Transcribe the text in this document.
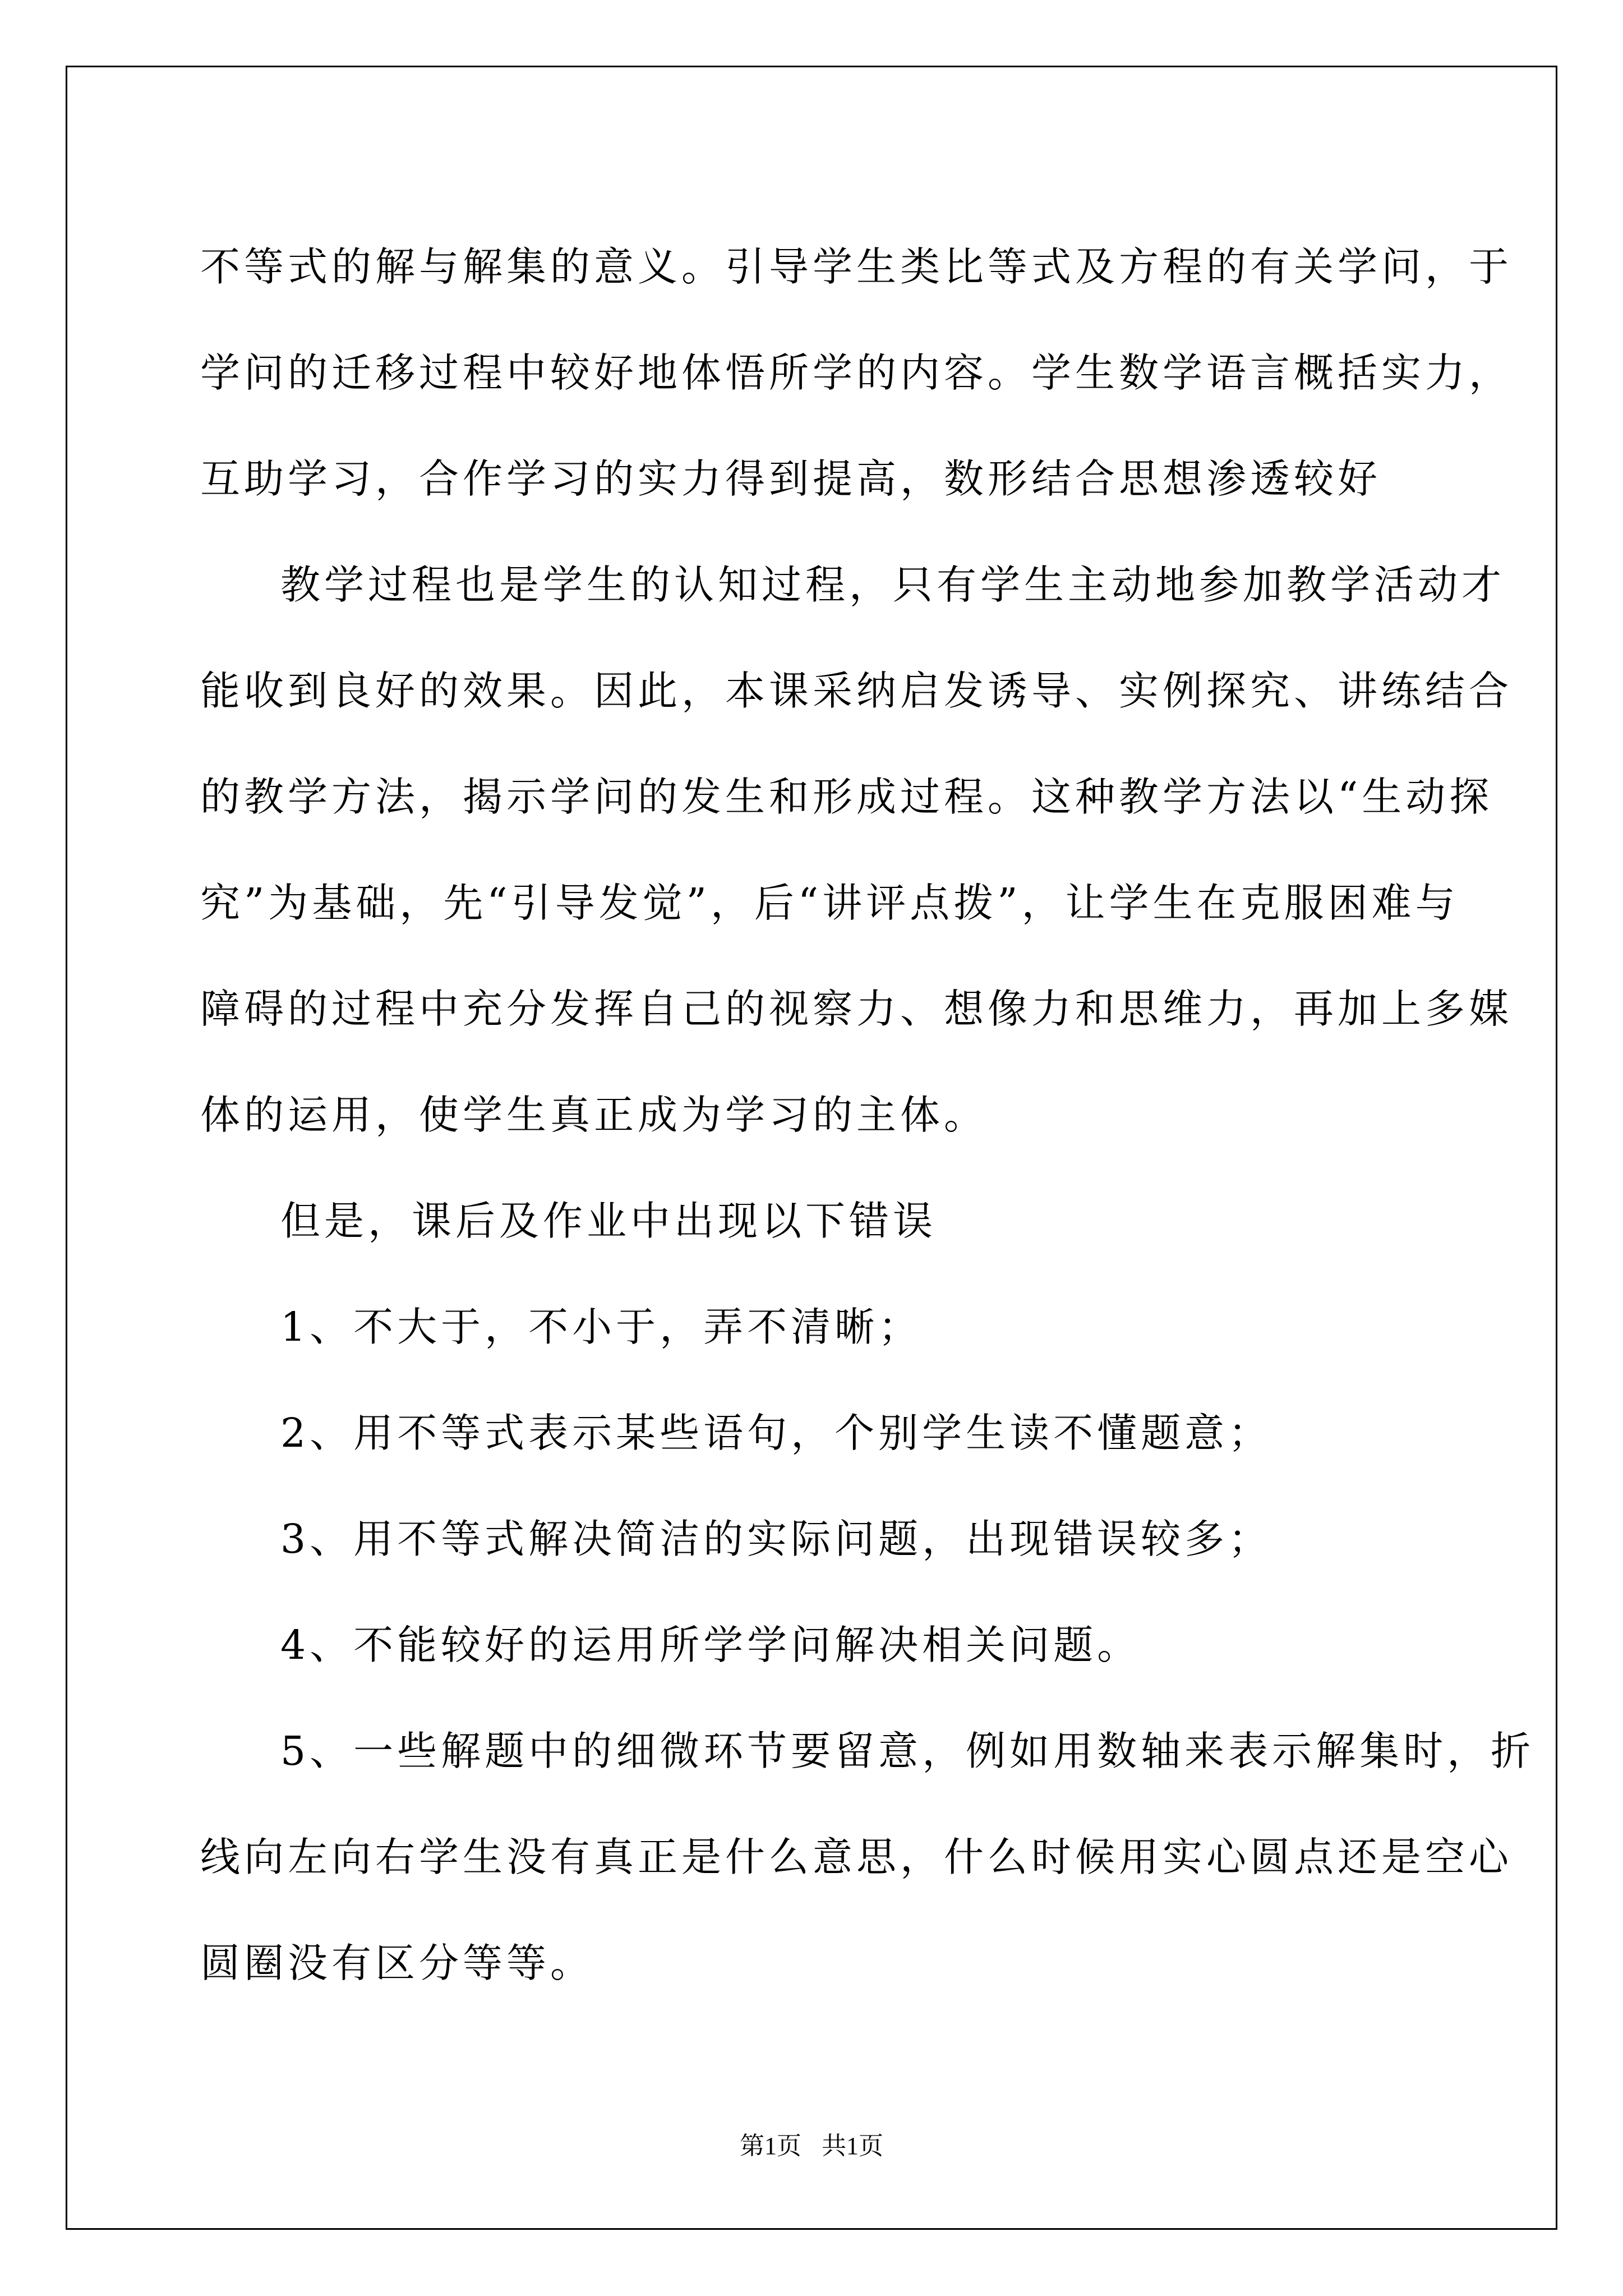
不等式的解与解集的意义。引导学生类比等式及方程的有关学问，于
学问的迁移过程中较好地体悟所学的内容。学生数学语言概括实力，
互助学习，合作学习的实力得到提高，数形结合思想渗透较好
教学过程也是学生的认知过程，只有学生主动地参加教学活动才
能收到良好的效果。因此，本课采纳启发诱导、实例探究、讲练结合
的教学方法，揭示学问的发生和形成过程。这种教学方法以“生动探
究”为基础，先“引导发觉”，后“讲评点拨”，让学生在克服困难与
障碍的过程中充分发挥自己的视察力、想像力和思维力，再加上多媒
体的运用，使学生真正成为学习的主体。
但是，课后及作业中出现以下错误
1、不大于，不小于，弄不清晰；
2、用不等式表示某些语句，个别学生读不懂题意；
3、用不等式解决简洁的实际问题，出现错误较多；
4、不能较好的运用所学学问解决相关问题。
5、一些解题中的细微环节要留意，例如用数轴来表示解集时，折
线向左向右学生没有真正是什么意思，什么时候用实心圆点还是空心
圆圈没有区分等等。
第1页 共1页
